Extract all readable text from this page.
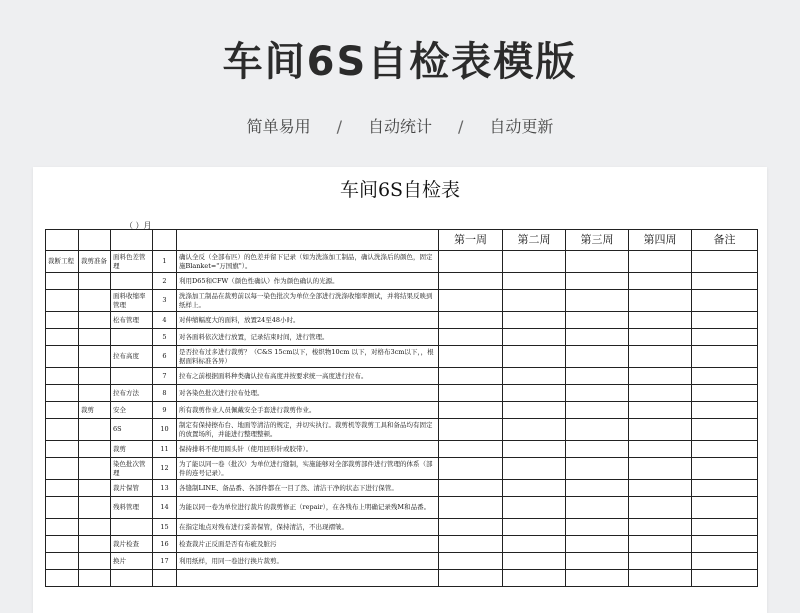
车间6S自检表模版
简单易用 / 自动统计 / 自动更新
车间6S自检表
（ ）月
					第一周	第二周	第三周	第四周	备注
裁断工程	裁剪准备	面料色差管理	1	确认全反（全部布匹）的色差并留下记录（如为洗涤加工制品，确认洗涤后的颜色，固定施Blanket="万国旗"）。					
			2	利用D65和CFW（颜色性确认）作为颜色确认的光源。					
		面料收缩率管理	3	洗涤加工制品在裁剪前以每一染色批次为单位全部进行洗涤收缩率测试，并将结果反映到纸样上。					
		松布管理	4	对伸缩幅度大的面料，放置24至48小时。					
			5	对各面料依次进行放置，记录结束时间，进行管理。					
		拉布高度	6	是否拉布过多进行裁剪？（C&S 15cm以下，梭织物10cm 以下，对格布3cm以下，，根据面料标准各异）					
			7	拉布之前根据面料种类确认拉布高度并按要求统一高度进行拉布。					
		拉布方法	8	对各染色批次进行拉布处理。					
	裁剪	安全	9	所有裁剪作业人员佩戴安全手套进行裁剪作业。					
		6S	10	制定有保持擦布台、地面等清洁的规定，并切实执行。裁剪机等裁剪工具和备品均有固定的放置场所，并能进行整理整顿。					
		裁剪	11	保持排料不使用圆头针（使用回形针或胶带）。					
		染色批次管理	12	为了能以同一卷（批次）为单位进行缝制，实施能够对全部裁剪部件进行管理的体系（部件的连号记录）。					
		裁片保管	13	各缝制LINE、备品番、各部件都在一目了然、清洁干净的状态下进行保管。					
		残料管理	14	为能以同一卷为单位进行裁片的裁剪修正（repair），在各残布上明确记录残M和品番。					
			15	在指定地点对残布进行妥善保管，保持清洁，不出现褶皱。					
		裁片检查	16	检查裁片正反面是否有布疵及脏污					
		换片	17	利用纸样，用同一卷进行换片裁剪。					
